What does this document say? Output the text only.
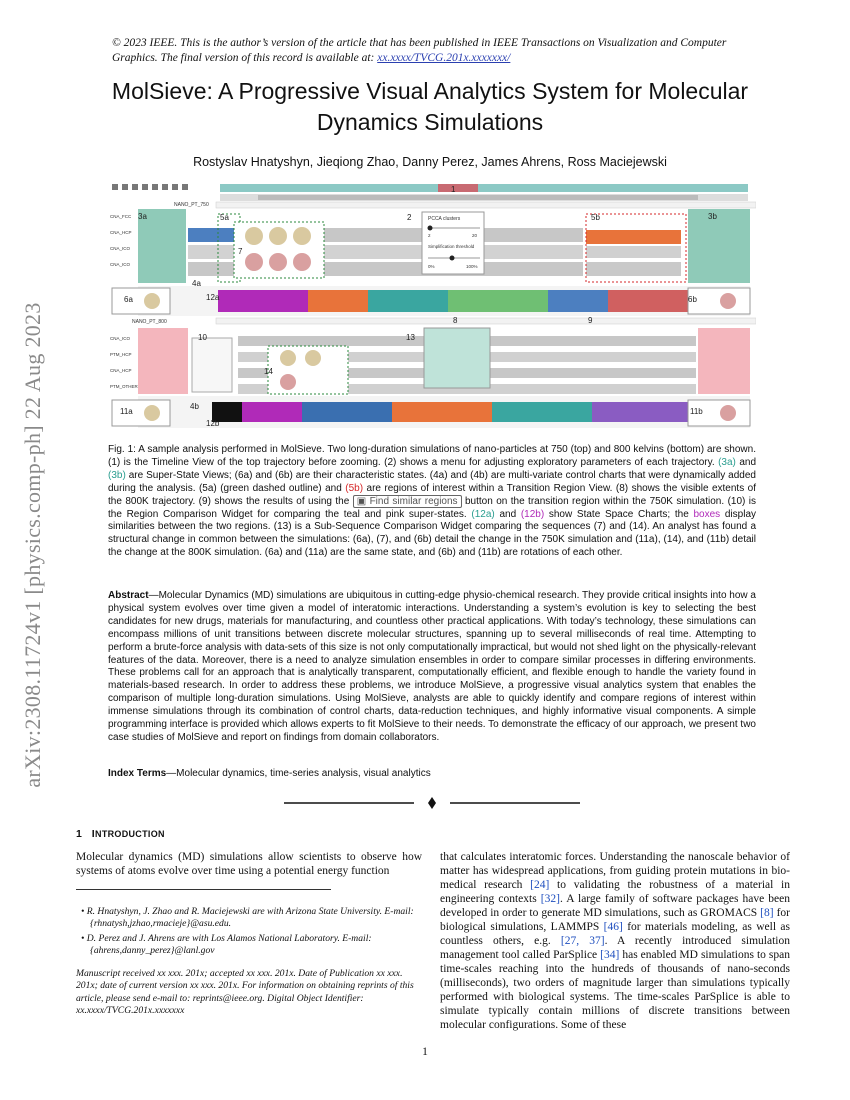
arXiv:2308.11724v1 [physics.comp-ph] 22 Aug 2023
© 2023 IEEE. This is the author’s version of the article that has been published in IEEE Transactions on Visualization and Computer Graphics. The final version of this record is available at: xx.xxxx/TVCG.201x.xxxxxxx/
MolSieve: A Progressive Visual Analytics System for Molecular Dynamics Simulations
Rostyslav Hnatyshyn, Jieqiong Zhao, Danny Perez, James Ahrens, Ross Maciejewski
NANO_PT_750
CNA_FCC
CNA_HCP
CNA_ICO
CNA_ICO
PCCA clusters
2	20
Simplification threshold
0%	100%
NANO_PT_800
CNA_ICO
PTM_HCP
CNA_HCP
PTM_OTHER
1
2
3a	3b
4a
4b
5a	5b
6a	6b
7
8	9
10
11a	11b
12a
12b
13
14
Fig. 1: A sample analysis performed in MolSieve. Two long-duration simulations of nano-particles at 750 (top) and 800 kelvins (bottom) are shown. (1) is the Timeline View of the top trajectory before zooming. (2) shows a menu for adjusting exploratory parameters of each trajectory. (3a) and (3b) are Super-State Views; (6a) and (6b) are their characteristic states. (4a) and (4b) are multi-variate control charts that were dynamically added during the analysis. (5a) (green dashed outline) and (5b) are regions of interest within a Transition Region View. (8) shows the visible extents of the 800K trajectory. (9) shows the results of using the ▣ Find similar regions button on the transition region within the 750K simulation. (10) is the Region Comparison Widget for comparing the teal and pink super-states. (12a) and (12b) show State Space Charts; the boxes display similarities between the two regions. (13) is a Sub-Sequence Comparison Widget comparing the sequences (7) and (14). An analyst has found a structural change in common between the simulations: (6a), (7), and (6b) detail the change in the 750K simulation and (11a), (14), and (11b) detail the change at the 800K simulation. (6a) and (11a) are the same state, and (6b) and (11b) are rotations of each other.
Abstract—Molecular Dynamics (MD) simulations are ubiquitous in cutting-edge physio-chemical research. They provide critical insights into how a physical system evolves over time given a model of interatomic interactions. Understanding a system’s evolution is key to selecting the best candidates for new drugs, materials for manufacturing, and countless other practical applications. With today’s technology, these simulations can encompass millions of unit transitions between discrete molecular structures, spanning up to several milliseconds of real time. Attempting to perform a brute-force analysis with data-sets of this size is not only computationally impractical, but would not shed light on the physically-relevant features of the data. Moreover, there is a need to analyze simulation ensembles in order to compare similar processes in differing environments. These problems call for an approach that is analytically transparent, computationally efficient, and flexible enough to handle the variety found in materials-based research. In order to address these problems, we introduce MolSieve, a progressive visual analytics system that enables the comparison of multiple long-duration simulations. Using MolSieve, analysts are able to quickly identify and compare regions of interest within immense simulations through its combination of control charts, data-reduction techniques, and highly informative visual components. A simple programming interface is provided which allows experts to fit MolSieve to their needs. To demonstrate the efficacy of our approach, we present two case studies of MolSieve and report on findings from domain collaborators.
Index Terms—Molecular dynamics, time-series analysis, visual analytics
1 INTRODUCTION
Molecular dynamics (MD) simulations allow scientists to observe how systems of atoms evolve over time using a potential energy function
• R. Hnatyshyn, J. Zhao and R. Maciejewski are with Arizona State University. E-mail: {rhnatysh,jzhao,rmacieje}@asu.edu.
• D. Perez and J. Ahrens are with Los Alamos National Laboratory. E-mail: {ahrens,danny_perez}@lanl.gov
Manuscript received xx xxx. 201x; accepted xx xxx. 201x. Date of Publication xx xxx. 201x; date of current version xx xxx. 201x. For information on obtaining reprints of this article, please send e-mail to: reprints@ieee.org. Digital Object Identifier: xx.xxxx/TVCG.201x.xxxxxxx
that calculates interatomic forces. Understanding the nanoscale behavior of matter has widespread applications, from guiding protein mutations in bio-medical research [24] to validating the robustness of a material in engineering contexts [32]. A large family of software packages have been developed in order to generate MD simulations, such as GROMACS [8] for biological simulations, LAMMPS [46] for materials modeling, as well as countless others, e.g. [27, 37]. A recently introduced simulation management tool called ParSplice [34] has enabled MD simulations to span time-scales reaching into the hundreds of thousands of nano-seconds (milliseconds), two orders of magnitude larger than simulations typically performed with biological systems. The time-scales ParSplice is able to simulate typically contain millions of discrete transitions between molecular configurations. Some of these
1
